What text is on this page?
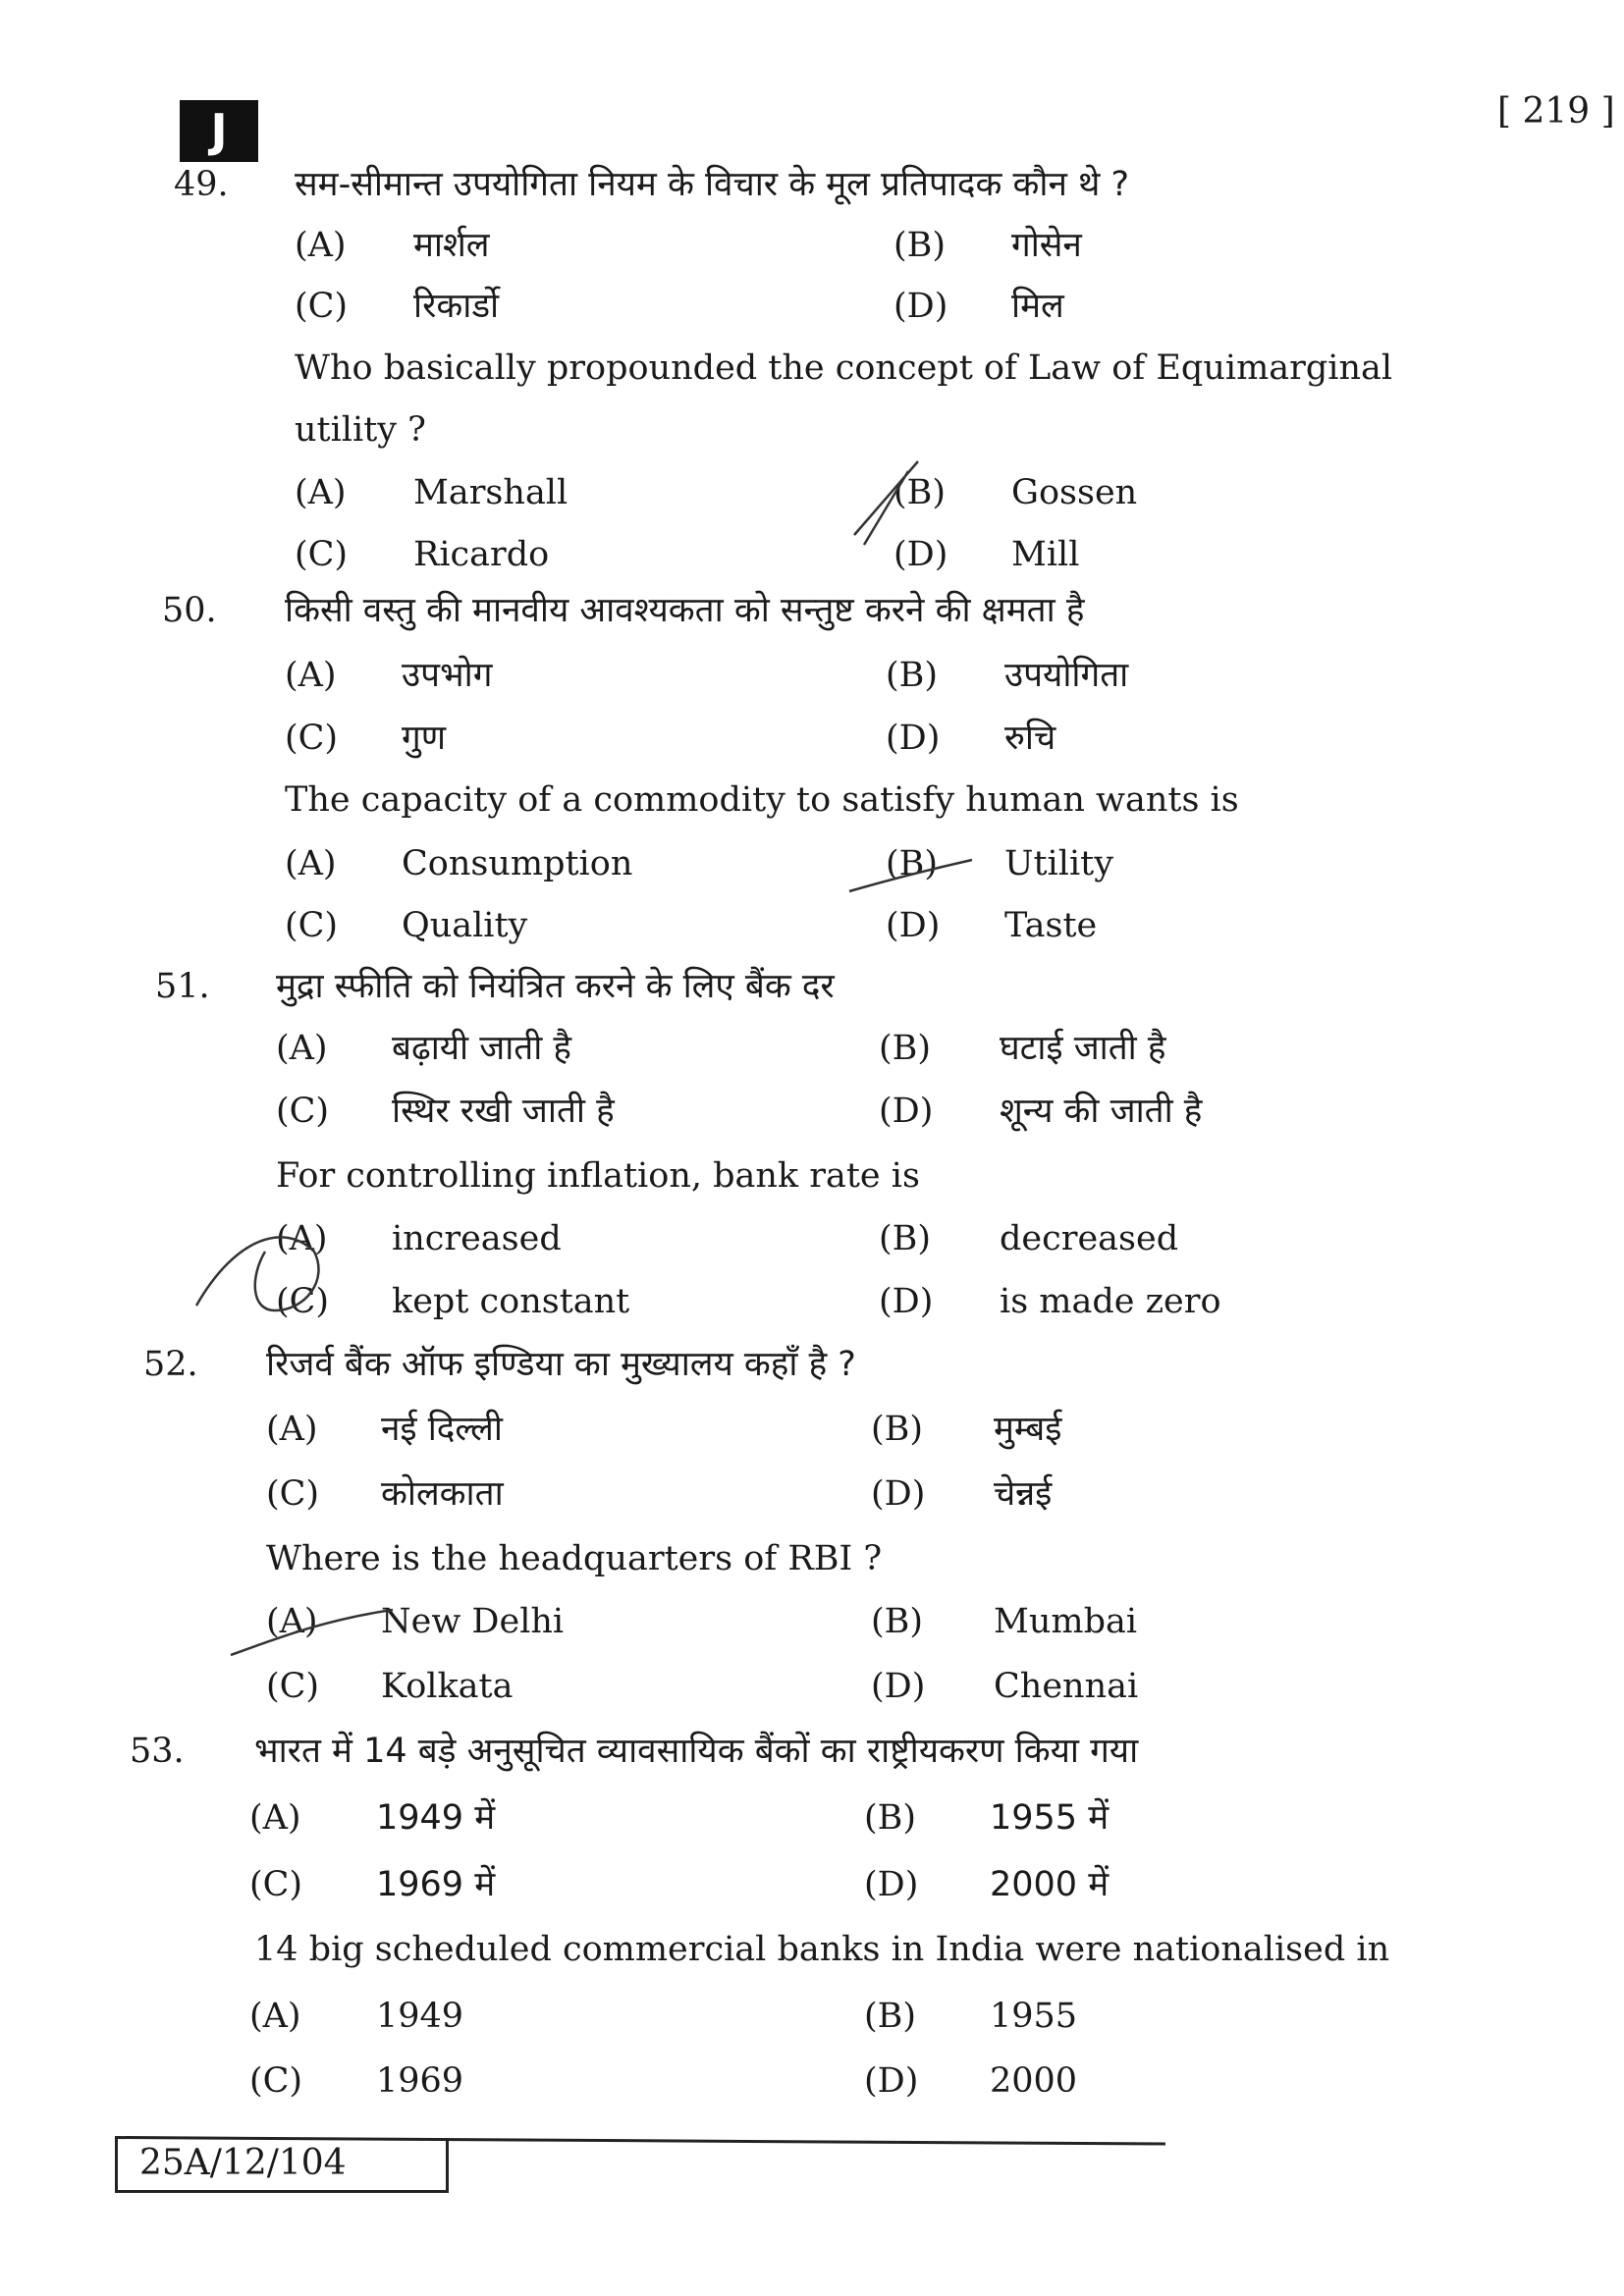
J	[ 219 ]
49. सम-सीमान्त उपयोगिता नियम के विचार के मूल प्रतिपादक कौन थे ?
(A) मार्शल	(B) गोसेन
(C) रिकार्डो	(D) मिल
Who basically propounded the concept of Law of Equimarginal
utility ?
(A) Marshall	(B) Gossen
(C) Ricardo	(D) Mill
50. किसी वस्तु की मानवीय आवश्यकता को सन्तुष्ट करने की क्षमता है
(A) उपभोग	(B) उपयोगिता
(C) गुण	(D) रुचि
The capacity of a commodity to satisfy human wants is
(A) Consumption	(B) Utility
(C) Quality	(D) Taste
51. मुद्रा स्फीति को नियंत्रित करने के लिए बैंक दर
(A) बढ़ायी जाती है	(B) घटाई जाती है
(C) स्थिर रखी जाती है	(D) शून्य की जाती है
For controlling inflation, bank rate is
(A) increased	(B) decreased
(C) kept constant	(D) is made zero
52. रिजर्व बैंक ऑफ इण्डिया का मुख्यालय कहाँ है ?
(A) नई दिल्ली	(B) मुम्बई
(C) कोलकाता	(D) चेन्नई
Where is the headquarters of RBI ?
(A) New Delhi	(B) Mumbai
(C) Kolkata	(D) Chennai
53. भारत में 14 बड़े अनुसूचित व्यावसायिक बैंकों का राष्ट्रीयकरण किया गया
(A) 1949 में	(B) 1955 में
(C) 1969 में	(D) 2000 में
14 big scheduled commercial banks in India were nationalised in
(A) 1949	(B) 1955
(C) 1969	(D) 2000
25A/12/104
